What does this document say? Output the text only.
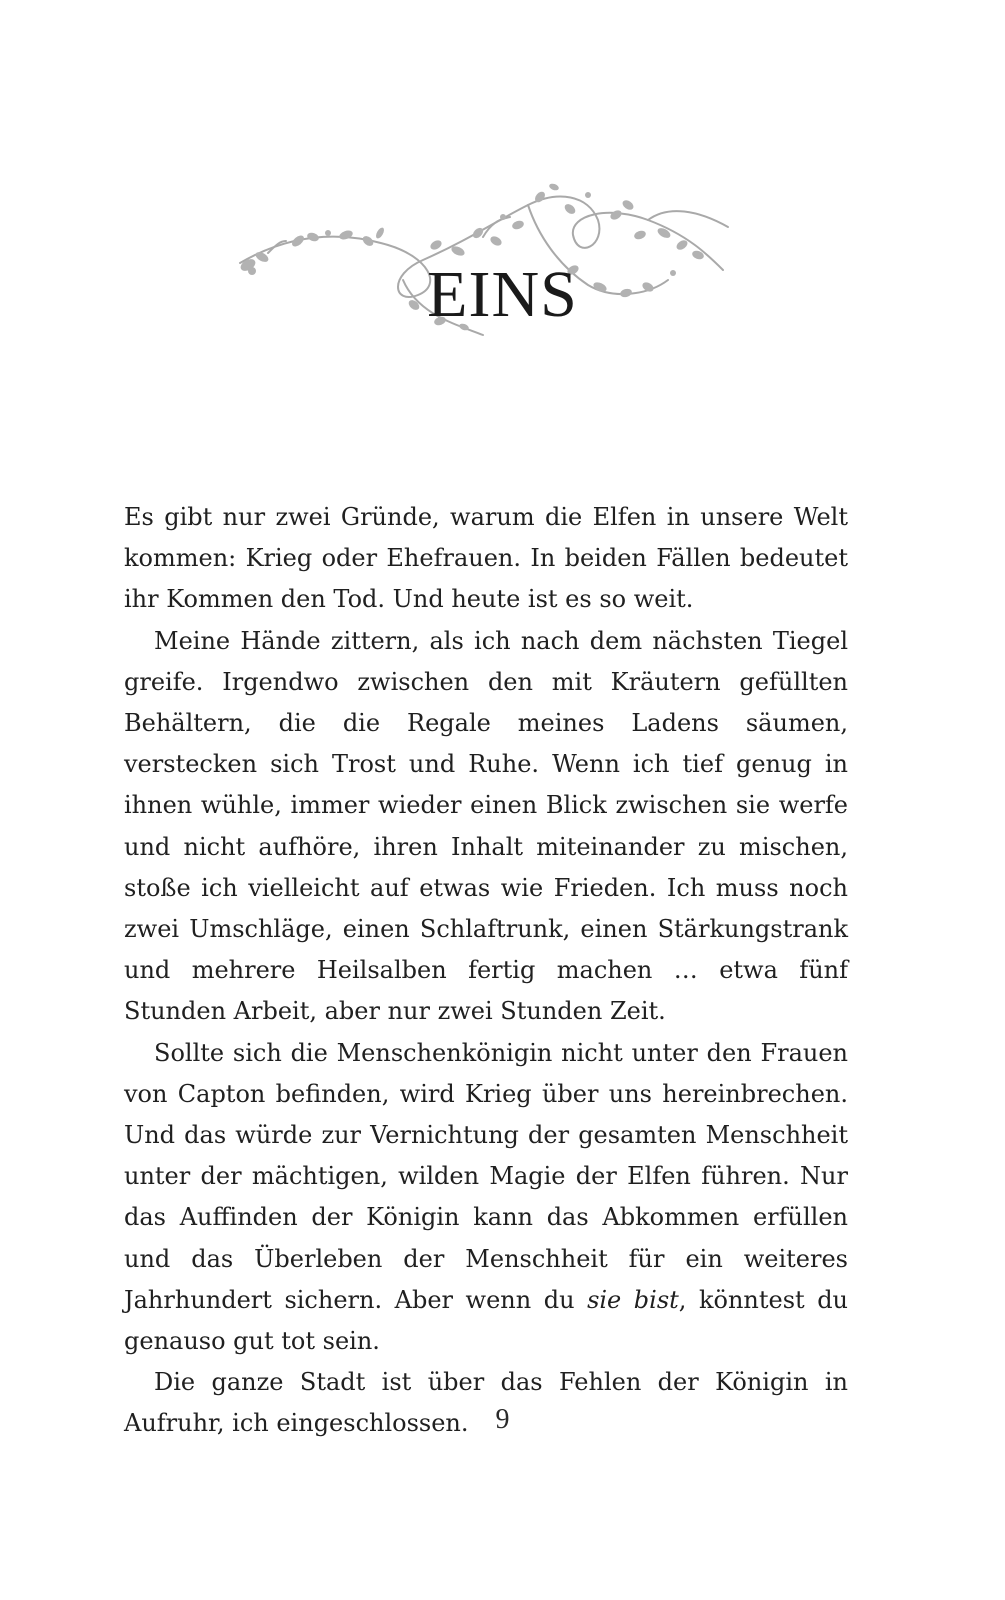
EINS

Es gibt nur zwei Gründe, warum die Elfen in unsere Welt kommen: Krieg oder Ehefrauen. In beiden Fällen bedeutet ihr Kommen den Tod. Und heute ist es so weit.

Meine Hände zittern, als ich nach dem nächsten Tiegel greife. Irgendwo zwischen den mit Kräutern gefüllten Behältern, die die Regale meines Ladens säumen, verstecken sich Trost und Ruhe. Wenn ich tief genug in ihnen wühle, immer wieder einen Blick zwischen sie werfe und nicht aufhöre, ihren Inhalt miteinander zu mischen, stoße ich vielleicht auf etwas wie Frieden. Ich muss noch zwei Umschläge, einen Schlaftrunk, einen Stärkungstrank und mehrere Heilsalben fertig machen … etwa fünf Stunden Arbeit, aber nur zwei Stunden Zeit.

Sollte sich die Menschenkönigin nicht unter den Frauen von Capton befinden, wird Krieg über uns hereinbrechen. Und das würde zur Vernichtung der gesamten Menschheit unter der mächtigen, wilden Magie der Elfen führen. Nur das Auffinden der Königin kann das Abkommen erfüllen und das Überleben der Menschheit für ein weiteres Jahrhundert sichern. Aber wenn du sie bist, könntest du genauso gut tot sein.

Die ganze Stadt ist über das Fehlen der Königin in Aufruhr, ich eingeschlossen. 9
